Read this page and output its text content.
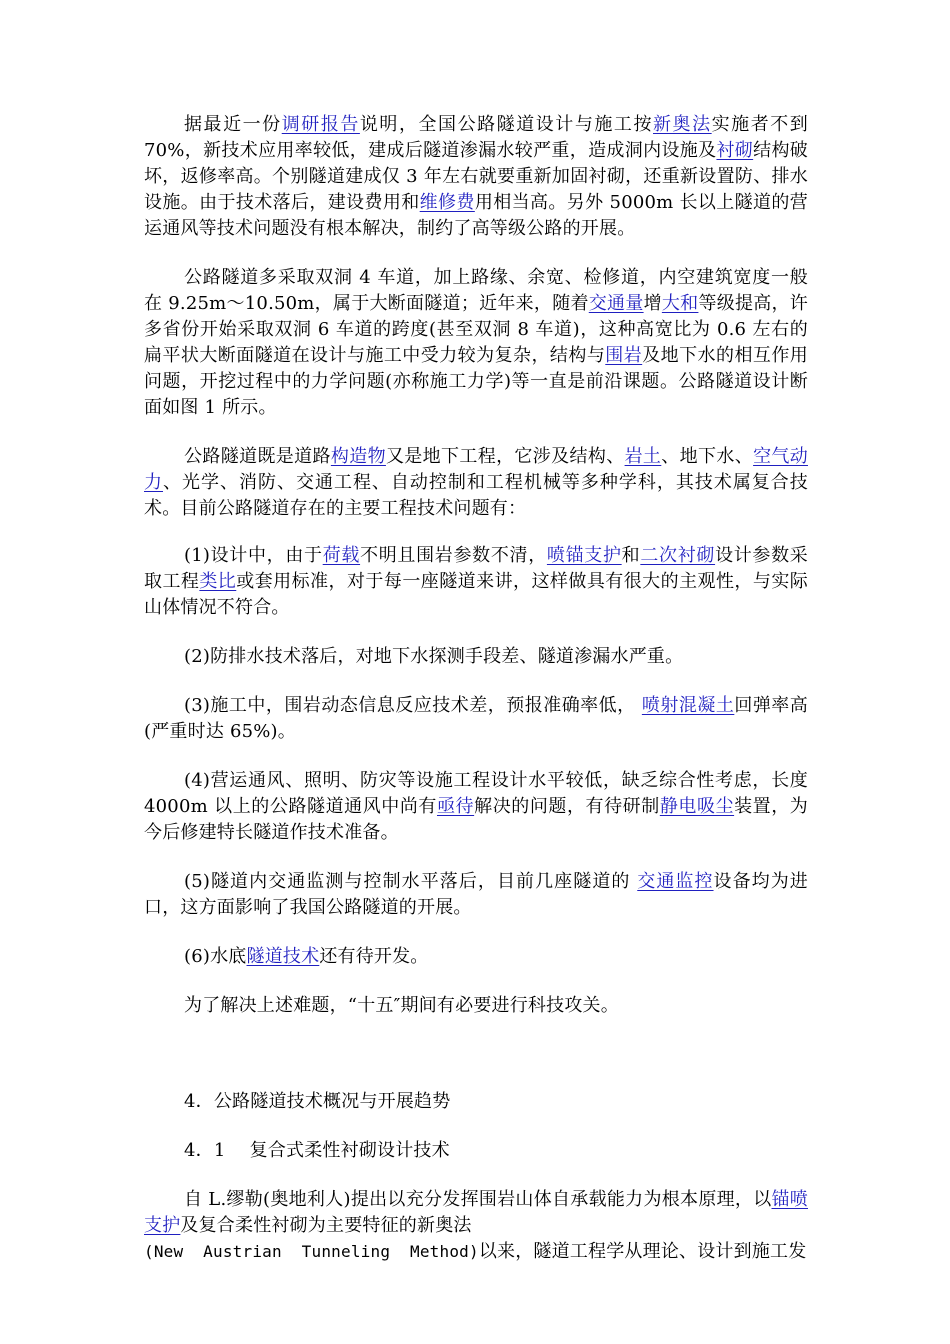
据最近一份调研报告说明，全国公路隧道设计与施工按新奥法实施者不到70%，新技术应用率较低，建成后隧道渗漏水较严重，造成洞内设施及衬砌结构破坏，返修率高。个别隧道建成仅 3 年左右就要重新加固衬砌，还重新设置防、排水设施。由于技术落后，建设费用和维修费用相当高。另外 5000m 长以上隧道的营运通风等技术问题没有根本解决，制约了高等级公路的开展。

公路隧道多采取双洞 4 车道，加上路缘、余宽、检修道，内空建筑宽度一般在 9.25m～10.50m，属于大断面隧道；近年来，随着交通量增大和等级提高，许多省份开始采取双洞 6 车道的跨度(甚至双洞 8 车道)，这种高宽比为 0.6 左右的扁平状大断面隧道在设计与施工中受力较为复杂，结构与围岩及地下水的相互作用问题，开挖过程中的力学问题(亦称施工力学)等一直是前沿课题。公路隧道设计断面如图 1 所示。

公路隧道既是道路构造物又是地下工程，它涉及结构、岩土、地下水、空气动力、光学、消防、交通工程、自动控制和工程机械等多种学科，其技术属复合技术。目前公路隧道存在的主要工程技术问题有：

(1)设计中，由于荷载不明且围岩参数不清，喷锚支护和二次衬砌设计参数采取工程类比或套用标准，对于每一座隧道来讲，这样做具有很大的主观性，与实际山体情况不符合。

(2)防排水技术落后，对地下水探测手段差、隧道渗漏水严重。

(3)施工中，围岩动态信息反应技术差，预报准确率低， 喷射混凝土回弹率高(严重时达 65%)。

(4)营运通风、照明、防灾等设施工程设计水平较低，缺乏综合性考虑，长度 4000m 以上的公路隧道通风中尚有亟待解决的问题，有待研制静电吸尘装置，为今后修建特长隧道作技术准备。

(5)隧道内交通监测与控制水平落后，目前几座隧道的 交通监控设备均为进口，这方面影响了我国公路隧道的开展。

(6)水底隧道技术还有待开发。

为了解决上述难题，“十五″期间有必要进行科技攻关。

4．公路隧道技术概况与开展趋势

4．1　 复合式柔性衬砌设计技术

自 L.缪勒(奥地利人)提出以充分发挥围岩山体自承载能力为根本原理，以锚喷支护及复合柔性衬砌为主要特征的新奥法

(New Austrian Tunneling Method)以来，隧道工程学从理论、设计到施工发
